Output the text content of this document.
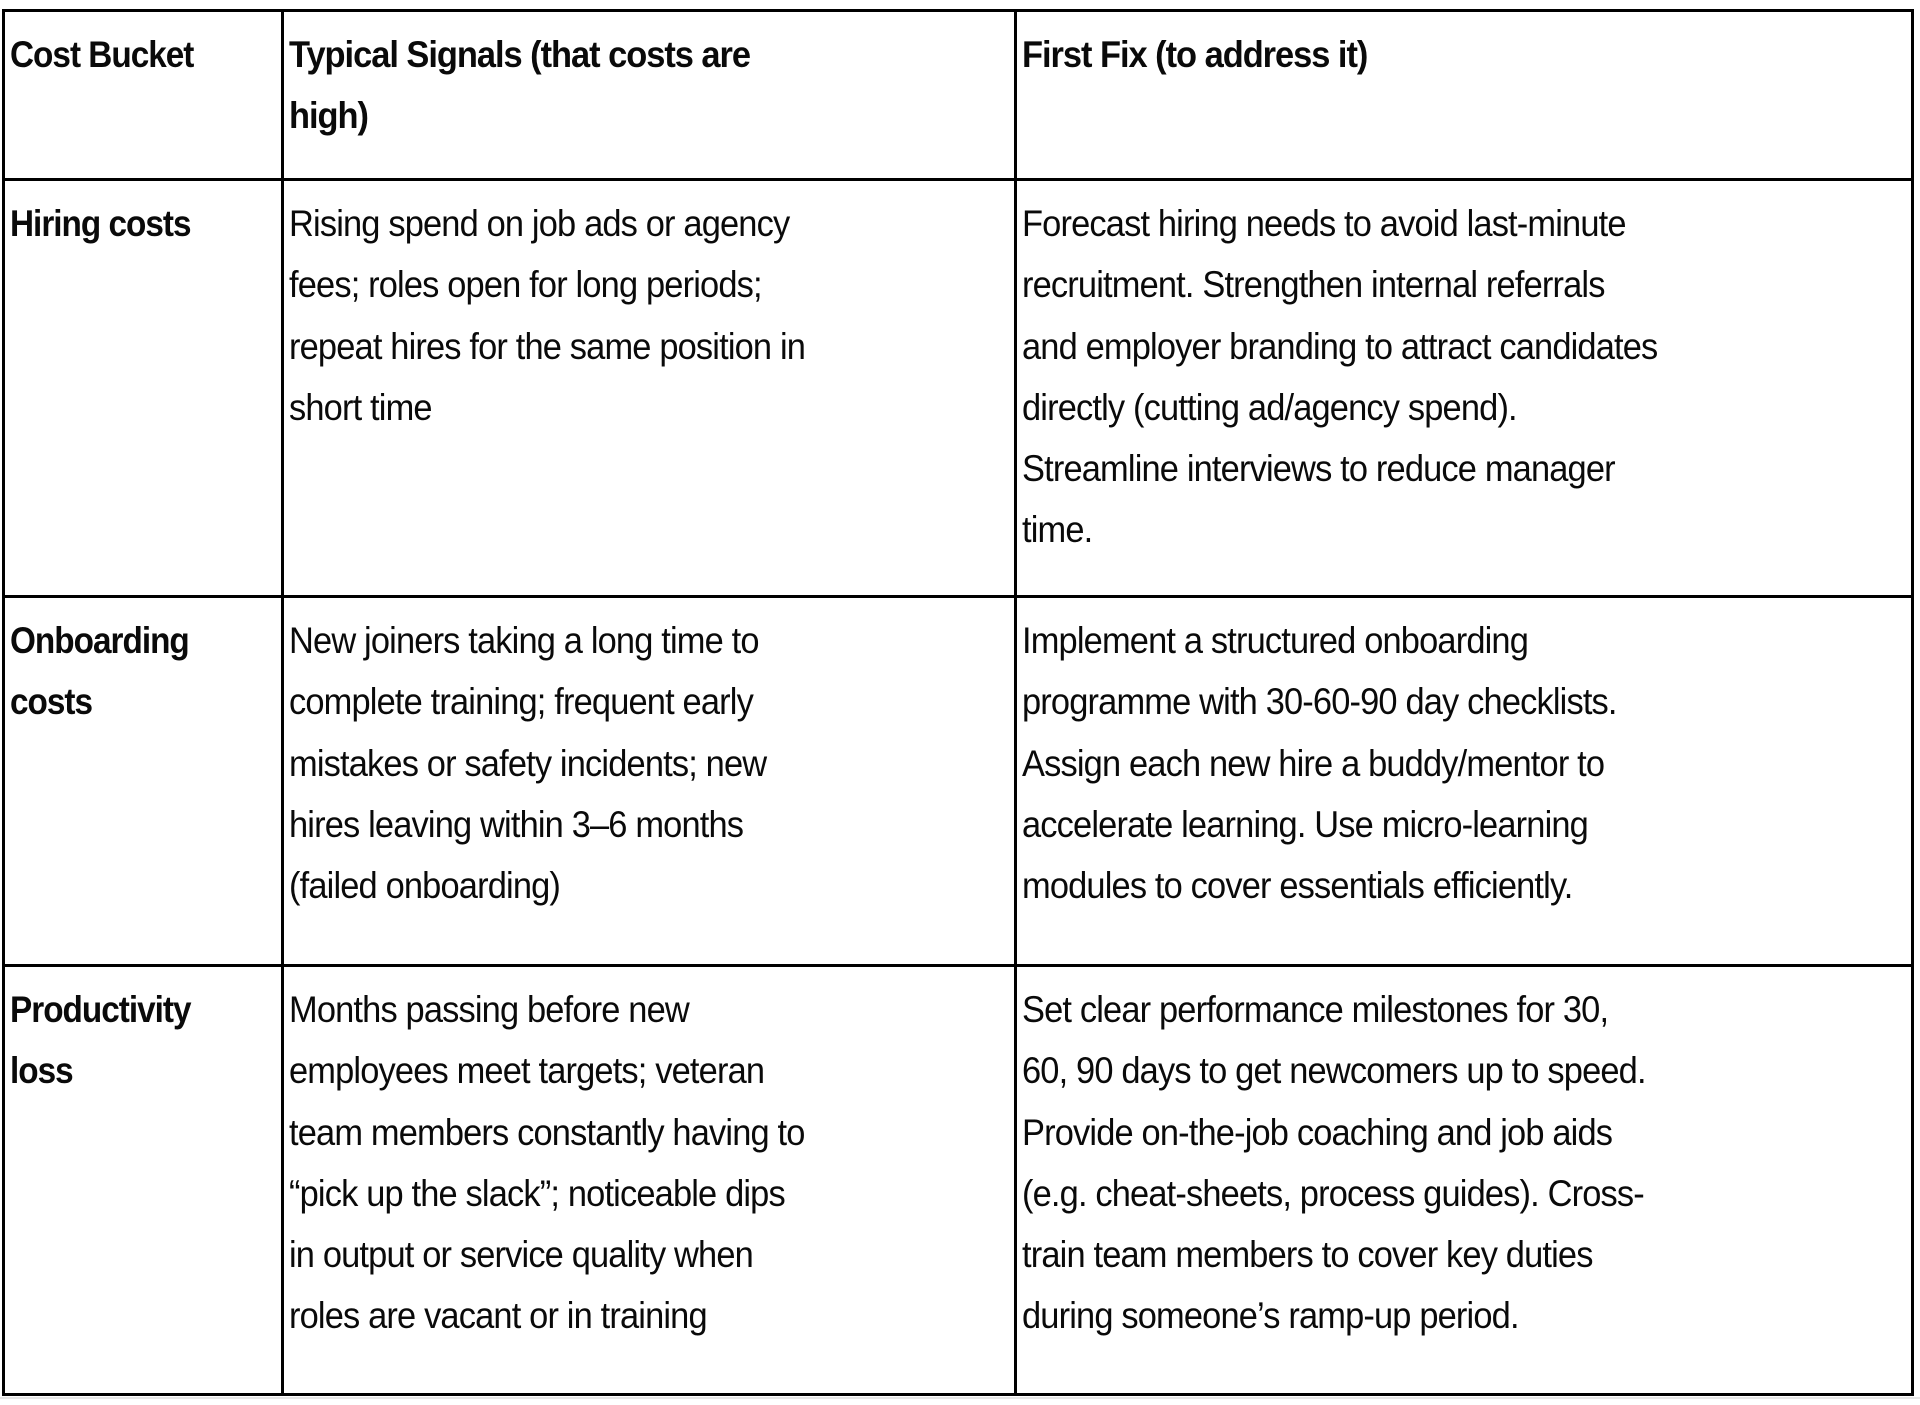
Cost Bucket	Typical Signals (that costs are
high)
First Fix (to address it)
Hiring costs	Rising spend on job ads or agency
fees; roles open for long periods;
repeat hires for the same position in
short time
Forecast hiring needs to avoid last-minute
recruitment. Strengthen internal referrals
and employer branding to attract candidates
directly (cutting ad/agency spend).
Streamline interviews to reduce manager
time.
Onboarding
costs
New joiners taking a long time to
complete training; frequent early
mistakes or safety incidents; new
hires leaving within 3–6 months
(failed onboarding)
Implement a structured onboarding
programme with 30-60-90 day checklists.
Assign each new hire a buddy/mentor to
accelerate learning. Use micro-learning
modules to cover essentials efficiently.
Productivity
loss
Months passing before new
employees meet targets; veteran
team members constantly having to
“pick up the slack”; noticeable dips
in output or service quality when
roles are vacant or in training
Set clear performance milestones for 30,
60, 90 days to get newcomers up to speed.
Provide on-the-job coaching and job aids
(e.g. cheat-sheets, process guides). Cross-
train team members to cover key duties
during someone’s ramp-up period.
